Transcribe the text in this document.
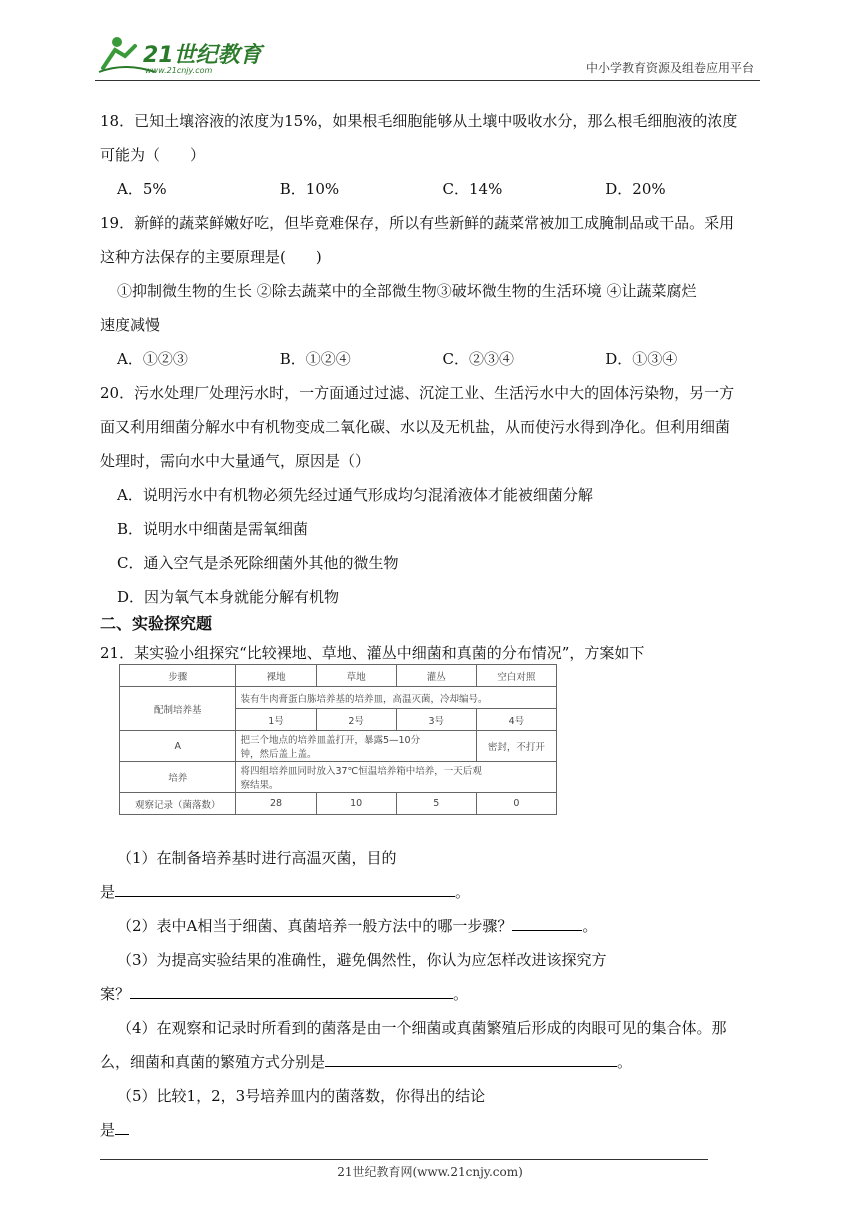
21世纪教育
www.21cnjy.com	中小学教育资源及组卷应用平台
18．已知土壤溶液的浓度为15%，如果根毛细胞能够从土壤中吸收水分，那么根毛细胞液的浓度
可能为（　　）
A．5%	B．10%	C．14%	D．20%
19．新鲜的蔬菜鲜嫩好吃，但毕竟难保存，所以有些新鲜的蔬菜常被加工成腌制品或干品。采用
这种方法保存的主要原理是(　　)
①抑制微生物的生长 ②除去蔬菜中的全部微生物③破坏微生物的生活环境 ④让蔬菜腐烂
速度减慢
A．①②③	B．①②④	C．②③④	D．①③④
20．污水处理厂处理污水时，一方面通过过滤、沉淀工业、生活污水中大的固体污染物，另一方
面又利用细菌分解水中有机物变成二氧化碳、水以及无机盐，从而使污水得到净化。但利用细菌
处理时，需向水中大量通气，原因是（）
A．说明污水中有机物必须先经过通气形成均匀混淆液体才能被细菌分解
B．说明水中细菌是需氧细菌
C．通入空气是杀死除细菌外其他的微生物
D．因为氧气本身就能分解有机物
二、实验探究题
21．某实验小组探究“比较裸地、草地、灌丛中细菌和真菌的分布情况”，方案如下
步骤	裸地	草地	灌丛	空白对照
配制培养基	装有牛肉膏蛋白胨培养基的培养皿，高温灭菌，冷却编号。			
	1号	2号	3号	4号
A	把三个地点的培养皿盖打开，暴露5—10分
钟，然后盖上盖。			密封，不打开
培养	将四组培养皿同时放入37℃恒温培养箱中培养，一天后观
察结果。			

观察记录（菌落数）	28	10	5	0
（1）在制备培养基时进行高温灭菌，目的
是	。
（2）表中A相当于细菌、真菌培养一般方法中的哪一步骤？	。
（3）为提高实验结果的准确性，避免偶然性，你认为应怎样改进该探究方
案？	。
（4）在观察和记录时所看到的菌落是由一个细菌或真菌繁殖后形成的肉眼可见的集合体。那
么，细菌和真菌的繁殖方式分别是	。
（5）比较1，2，3号培养皿内的菌落数，你得出的结论
是
21世纪教育网(www.21cnjy.com)
